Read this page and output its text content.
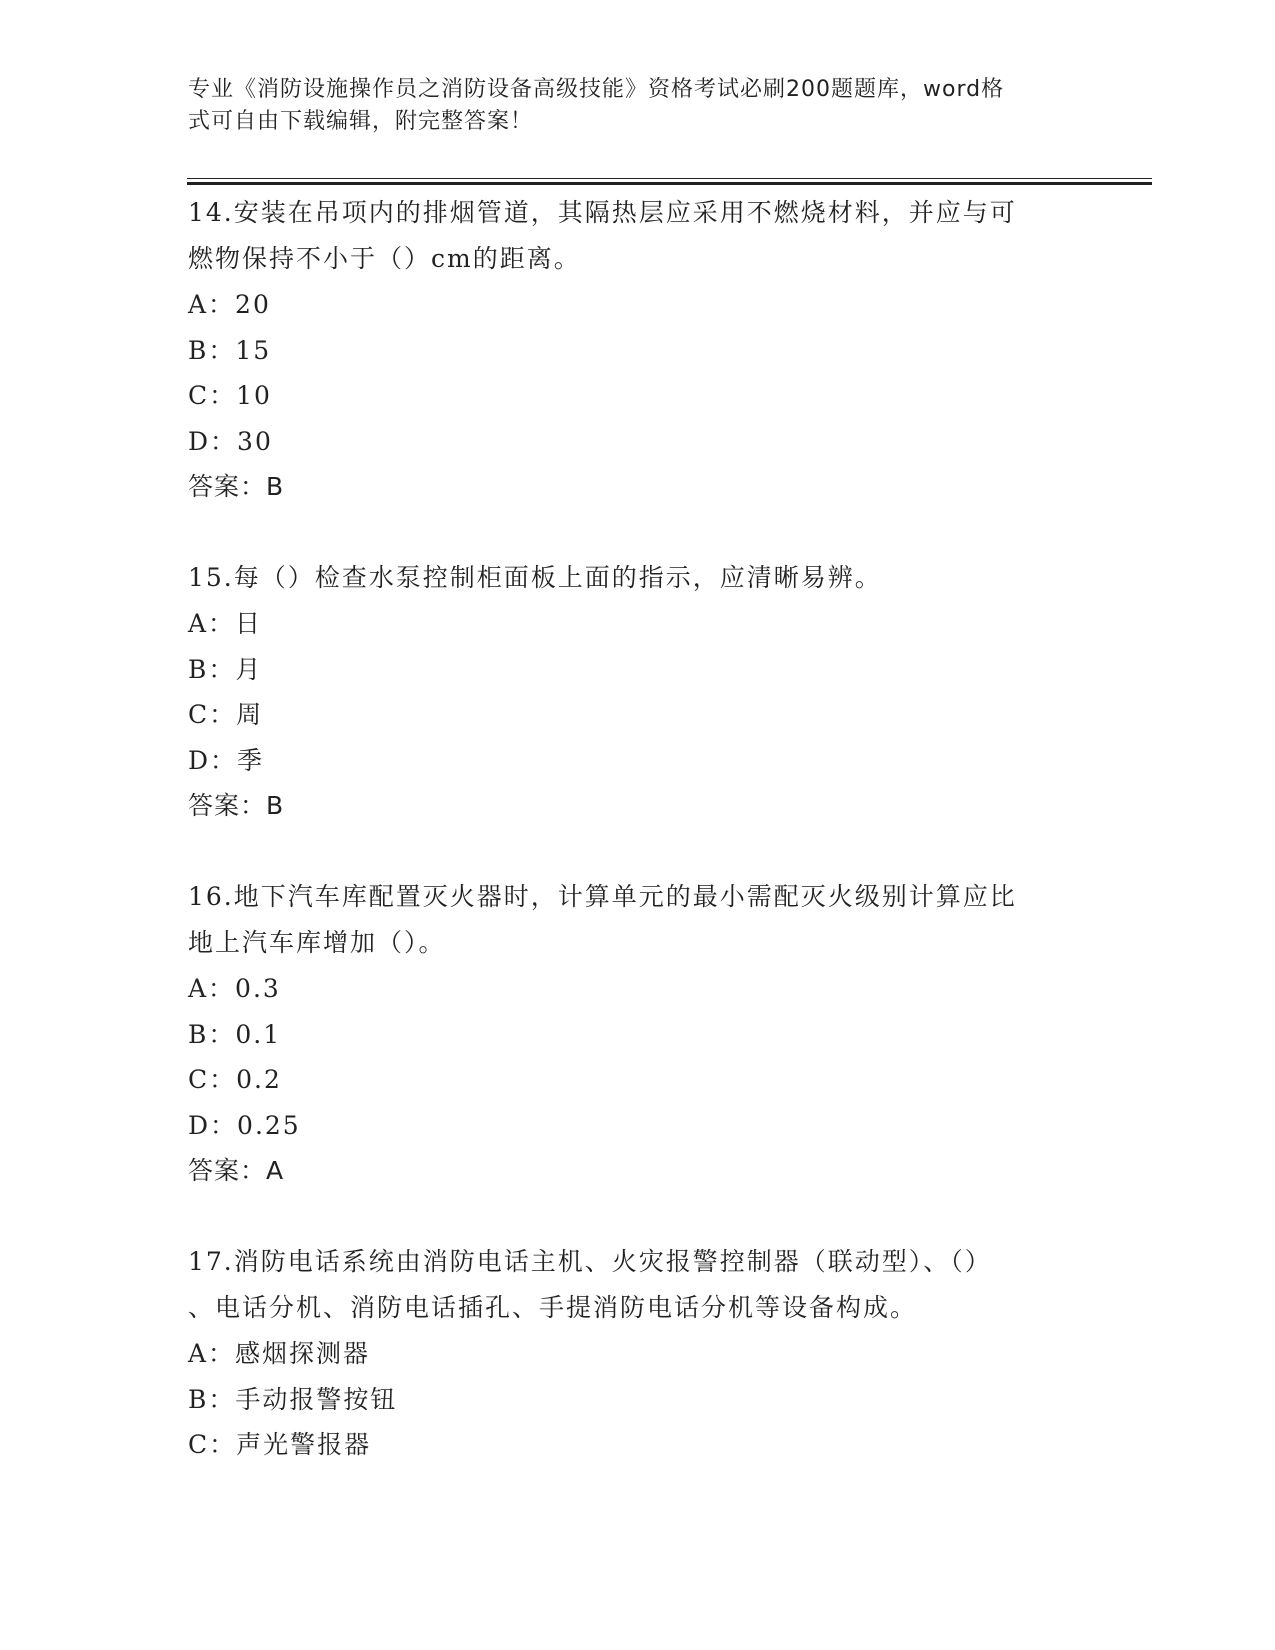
专业《消防设施操作员之消防设备高级技能》资格考试必刷200题题库，word格
式可自由下载编辑，附完整答案！
14.安装在吊项内的排烟管道，其隔热层应采用不燃烧材料，并应与可
燃物保持不小于（）cm的距离。
A：20
B：15
C：10
D：30
答案：B
15.每（）检查水泵控制柜面板上面的指示，应清晰易辨。
A：日
B：月
C：周
D：季
答案：B
16.地下汽车库配置灭火器时，计算单元的最小需配灭火级别计算应比
地上汽车库增加（）。
A：0.3
B：0.1
C：0.2
D：0.25
答案：A
17.消防电话系统由消防电话主机、火灾报警控制器（联动型）、（）
、电话分机、消防电话插孔、手提消防电话分机等设备构成。
A：感烟探测器
B：手动报警按钮
C：声光警报器
